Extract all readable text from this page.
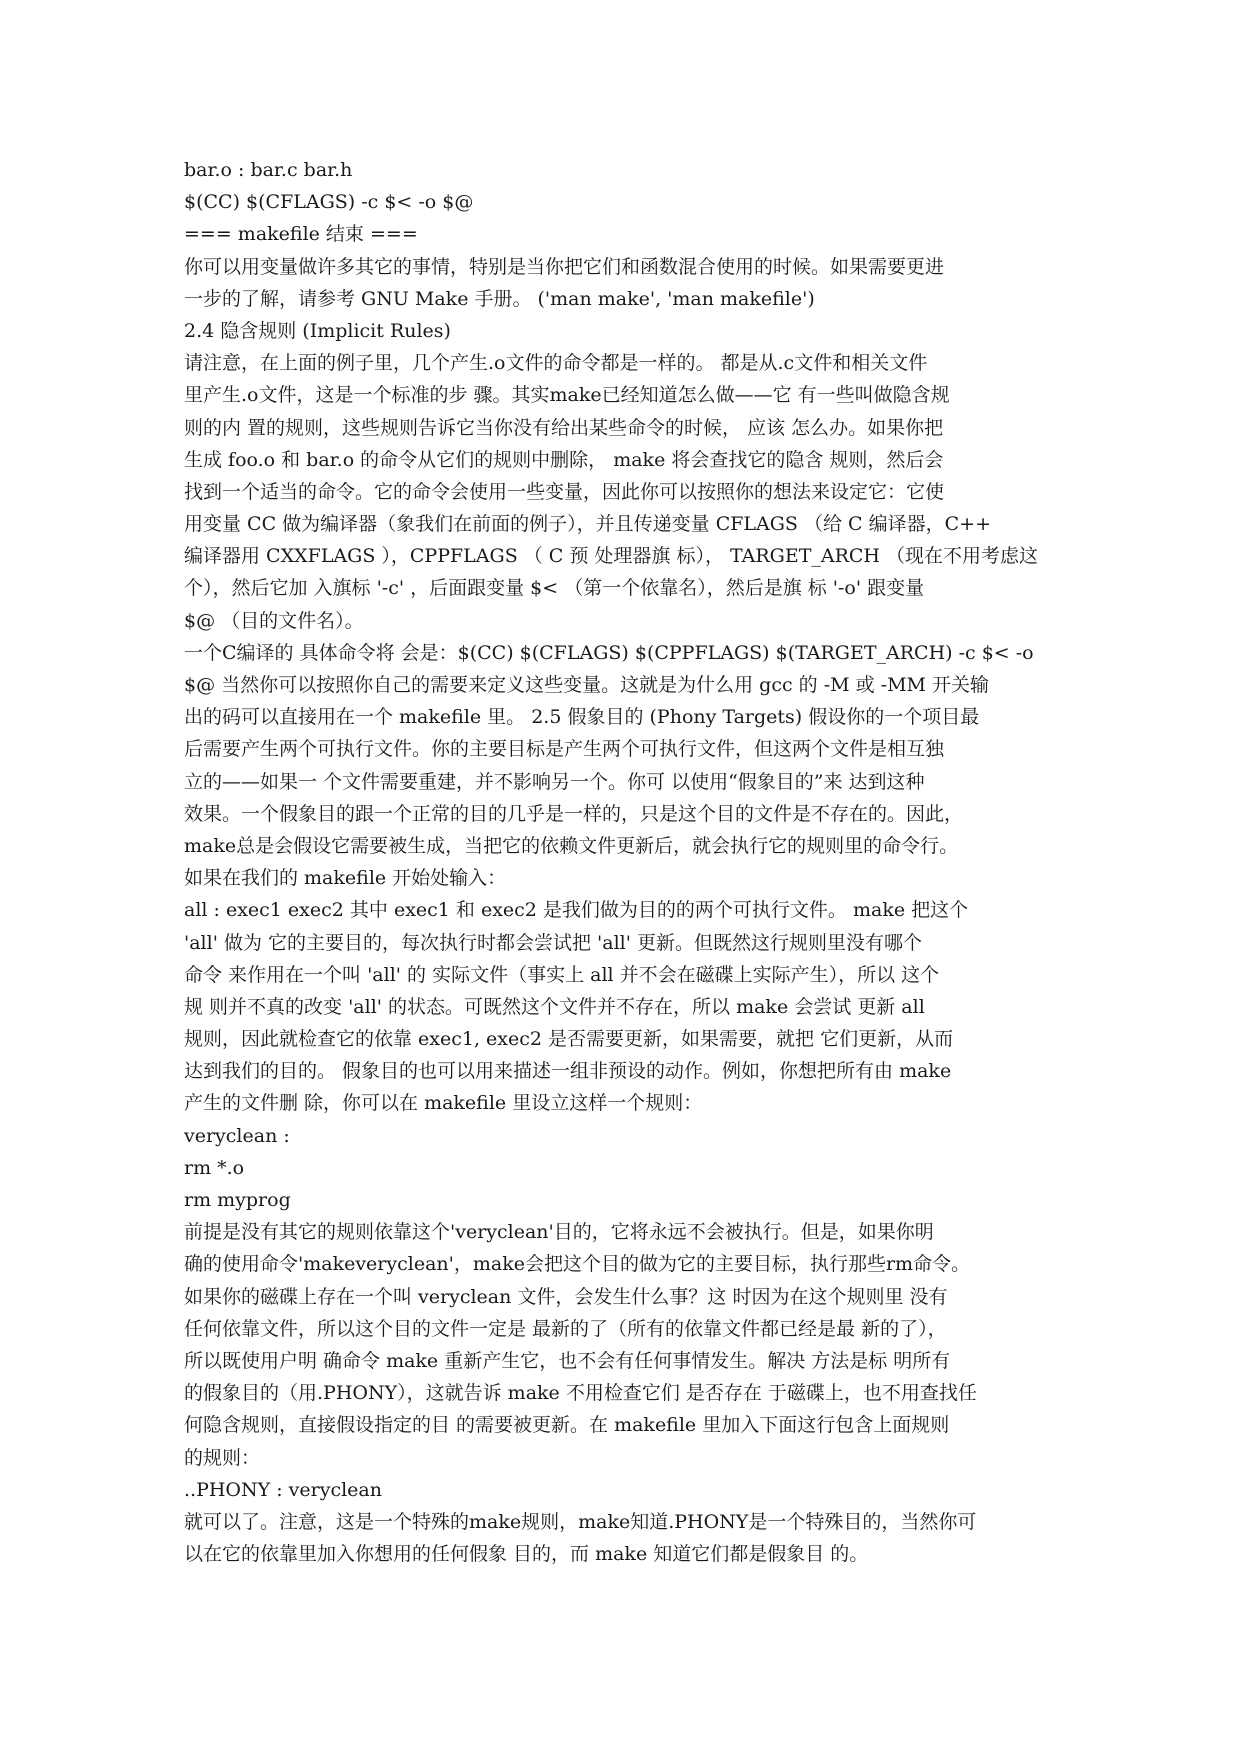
bar.o : bar.c bar.h
$(CC) $(CFLAGS) -c $< -o $@
=== makefile 结束 ===
你可以用变量做许多其它的事情，特别是当你把它们和函数混合使用的时候。如果需要更进
一步的了解，请参考 GNU Make 手册。 ('man make', 'man makefile')
2.4 隐含规则 (Implicit Rules)
请注意，在上面的例子里，几个产生.o文件的命令都是一样的。 都是从.c文件和相关文件
里产生.o文件，这是一个标准的步 骤。其实make已经知道怎么做——它 有一些叫做隐含规
则的内 置的规则，这些规则告诉它当你没有给出某些命令的时候， 应该 怎么办。如果你把
生成 foo.o 和 bar.o 的命令从它们的规则中删除， make 将会查找它的隐含 规则，然后会
找到一个适当的命令。它的命令会使用一些变量，因此你可以按照你的想法来设定它：它使
用变量 CC 做为编译器（象我们在前面的例子），并且传递变量 CFLAGS （给 C 编译器，C++
编译器用 CXXFLAGS ），CPPFLAGS （ C 预 处理器旗 标）， TARGET_ARCH （现在不用考虑这
个），然后它加 入旗标 '-c' ，后面跟变量 $< （第一个依靠名），然后是旗 标 '-o' 跟变量
$@ （目的文件名）。
一个C编译的 具体命令将 会是：$(CC) $(CFLAGS) $(CPPFLAGS) $(TARGET_ARCH) -c $< -o
$@ 当然你可以按照你自己的需要来定义这些变量。这就是为什么用 gcc 的 -M 或 -MM 开关输
出的码可以直接用在一个 makefile 里。 2.5 假象目的 (Phony Targets) 假设你的一个项目最
后需要产生两个可执行文件。你的主要目标是产生两个可执行文件，但这两个文件是相互独
立的——如果一 个文件需要重建，并不影响另一个。你可 以使用“假象目的”来 达到这种
效果。一个假象目的跟一个正常的目的几乎是一样的，只是这个目的文件是不存在的。因此，
make总是会假设它需要被生成，当把它的依赖文件更新后，就会执行它的规则里的命令行。
如果在我们的 makefile 开始处输入：
all : exec1 exec2 其中 exec1 和 exec2 是我们做为目的的两个可执行文件。 make 把这个
'all' 做为 它的主要目的，每次执行时都会尝试把 'all' 更新。但既然这行规则里没有哪个
命令 来作用在一个叫 'all' 的 实际文件（事实上 all 并不会在磁碟上实际产生），所以 这个
规 则并不真的改变 'all' 的状态。可既然这个文件并不存在，所以 make 会尝试 更新 all
规则，因此就检查它的依靠 exec1, exec2 是否需要更新，如果需要，就把 它们更新，从而
达到我们的目的。 假象目的也可以用来描述一组非预设的动作。例如，你想把所有由 make
产生的文件删 除，你可以在 makefile 里设立这样一个规则：
veryclean :
rm *.o
rm myprog
前提是没有其它的规则依靠这个'veryclean'目的，它将永远不会被执行。但是，如果你明
确的使用命令'makeveryclean'，make会把这个目的做为它的主要目标，执行那些rm命令。
如果你的磁碟上存在一个叫 veryclean 文件，会发生什么事？这 时因为在这个规则里 没有
任何依靠文件，所以这个目的文件一定是 最新的了（所有的依靠文件都已经是最 新的了），
所以既使用户明 确命令 make 重新产生它，也不会有任何事情发生。解决 方法是标 明所有
的假象目的（用.PHONY），这就告诉 make 不用检查它们 是否存在 于磁碟上，也不用查找任
何隐含规则，直接假设指定的目 的需要被更新。在 makefile 里加入下面这行包含上面规则
的规则：
..PHONY : veryclean
就可以了。注意，这是一个特殊的make规则，make知道.PHONY是一个特殊目的，当然你可
以在它的依靠里加入你想用的任何假象 目的，而 make 知道它们都是假象目 的。
